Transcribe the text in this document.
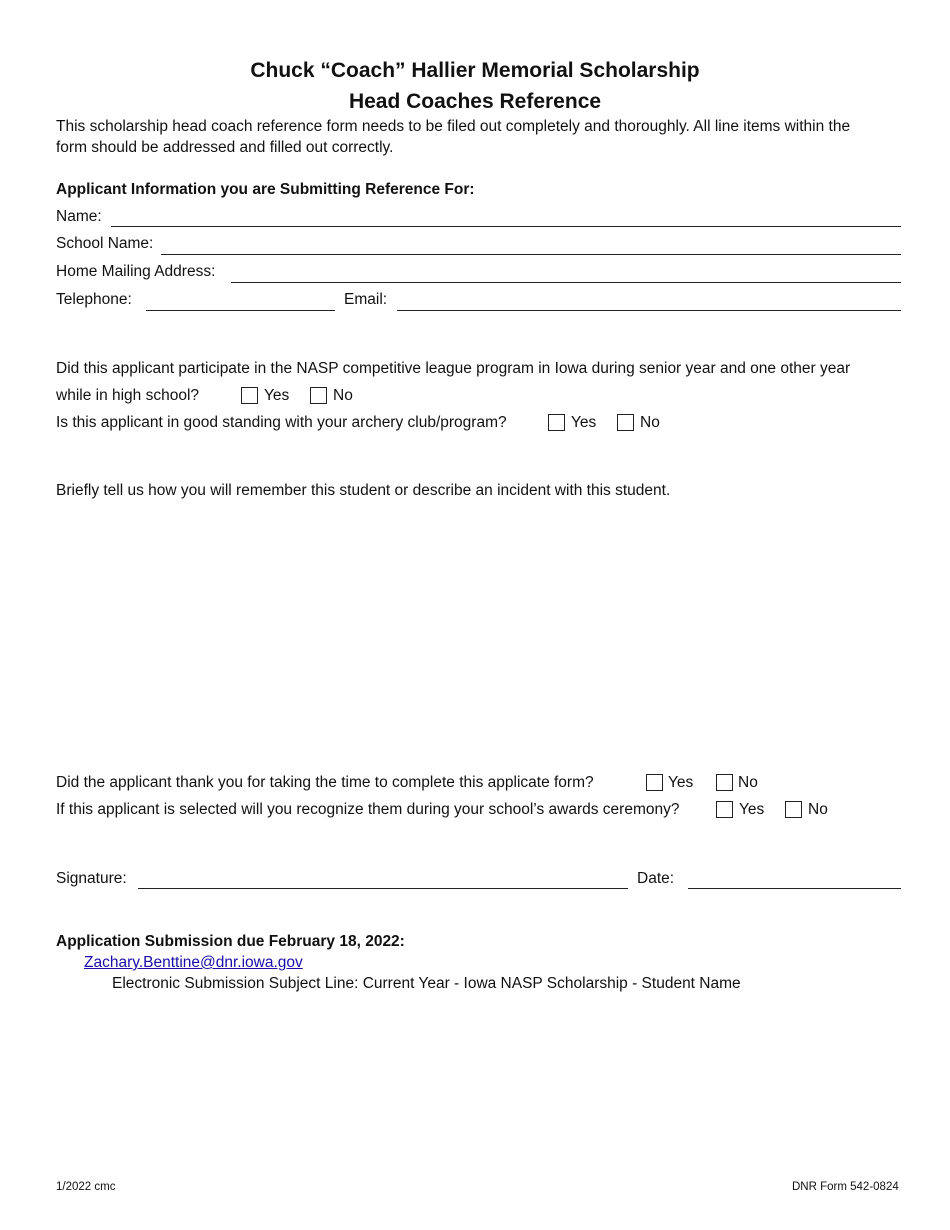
Chuck “Coach” Hallier Memorial Scholarship
Head Coaches Reference
This scholarship head coach reference form needs to be filed out completely and thoroughly. All line items within the
form should be addressed and filled out correctly.
Applicant Information you are Submitting Reference For:
Name:
School Name:
Home Mailing Address:
Telephone:	Email:
Did this applicant participate in the NASP competitive league program in Iowa during senior year and one other year
while in high school?	Yes	No
Is this applicant in good standing with your archery club/program?	Yes	No
Briefly tell us how you will remember this student or describe an incident with this student.
Did the applicant thank you for taking the time to complete this applicate form?	Yes	No
If this applicant is selected will you recognize them during your school’s awards ceremony?	Yes	No
Signature:	Date:
Application Submission due February 18, 2022:
Zachary.Benttine@dnr.iowa.gov
Electronic Submission Subject Line: Current Year - Iowa NASP Scholarship - Student Name
1/2022 cmc	DNR Form 542-0824
